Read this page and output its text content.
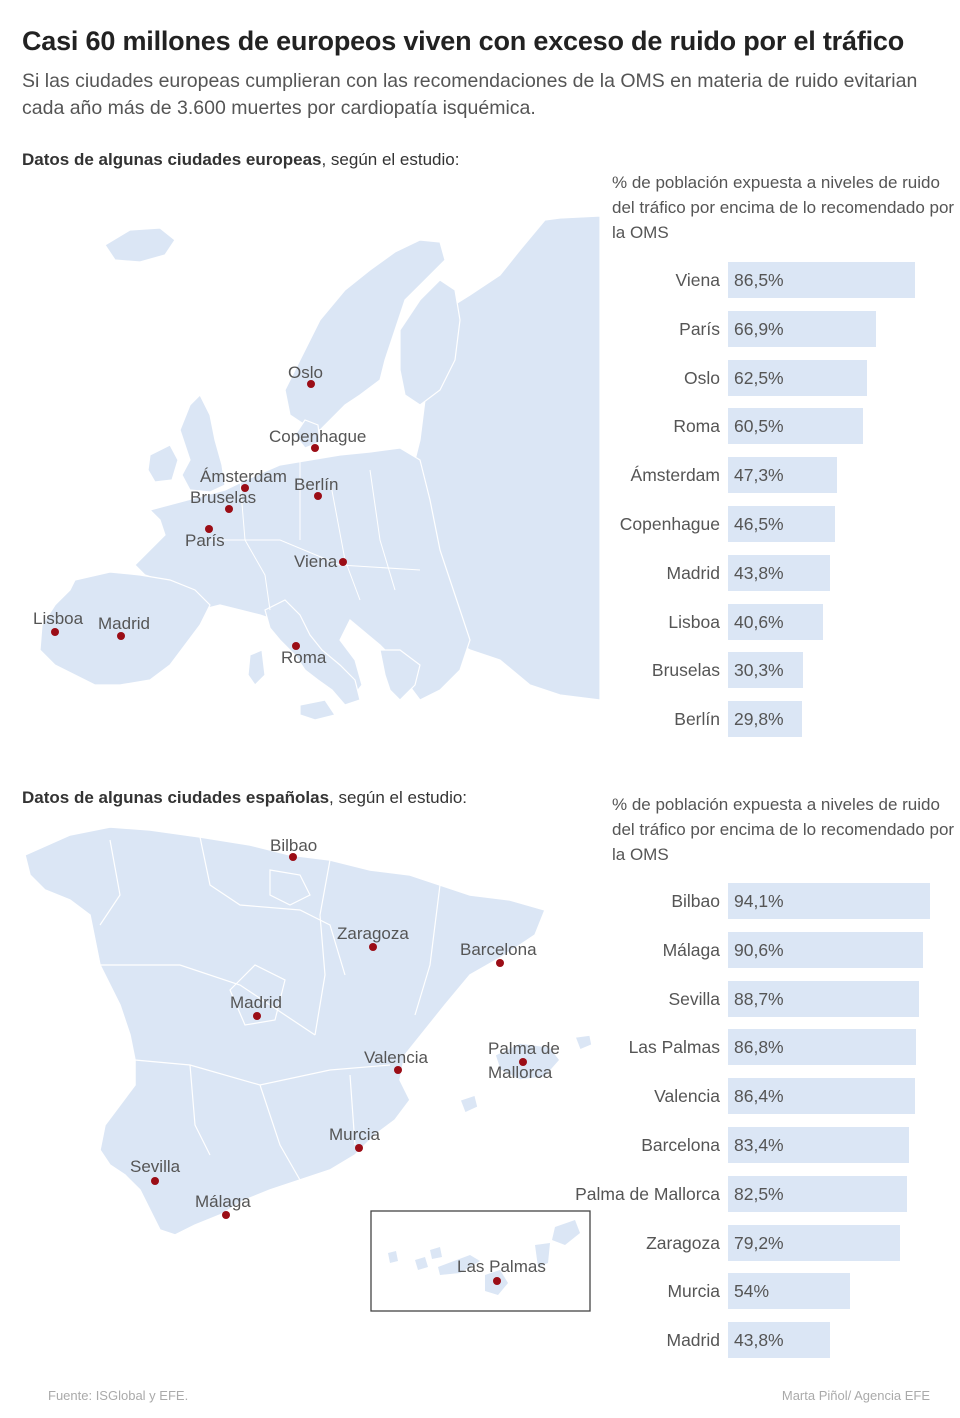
Casi 60 millones de europeos viven con exceso de ruido por el tráfico
Si las ciudades europeas cumplieran con las recomendaciones de la OMS en materia de ruido evitarian cada año más de 3.600 muertes por cardiopatía isquémica.
Datos de algunas ciudades europeas, según el estudio:
% de población expuesta a niveles de ruido del tráfico por encima de lo recomendado por la OMS
Oslo
Copenhague
Ámsterdam
Bruselas
Berlín
París
Viena
Lisboa Madrid
Roma
Viena 86,5%
París 66,9%
Oslo 62,5%
Roma 60,5%
Ámsterdam 47,3%
Copenhague 46,5%
Madrid 43,8%
Lisboa 40,6%
Bruselas 30,3%
Berlín 29,8%
Datos de algunas ciudades españolas, según el estudio:	% de población expuesta a niveles de ruido del tráfico por encima de lo recomendado por la OMS
Bilbao
Zaragoza
Barcelona
Madrid
Palma de
Mallorca
Valencia
Murcia
Sevilla
Málaga
Las Palmas
Bilbao 94,1%
Málaga 90,6%
Sevilla 88,7%
Las Palmas 86,8%
Valencia 86,4%
Barcelona 83,4%
Palma de Mallorca 82,5%
Zaragoza 79,2%
Murcia 54%
Madrid 43,8%
Fuente: ISGlobal y EFE.	Marta Piñol/ Agencia EFE
